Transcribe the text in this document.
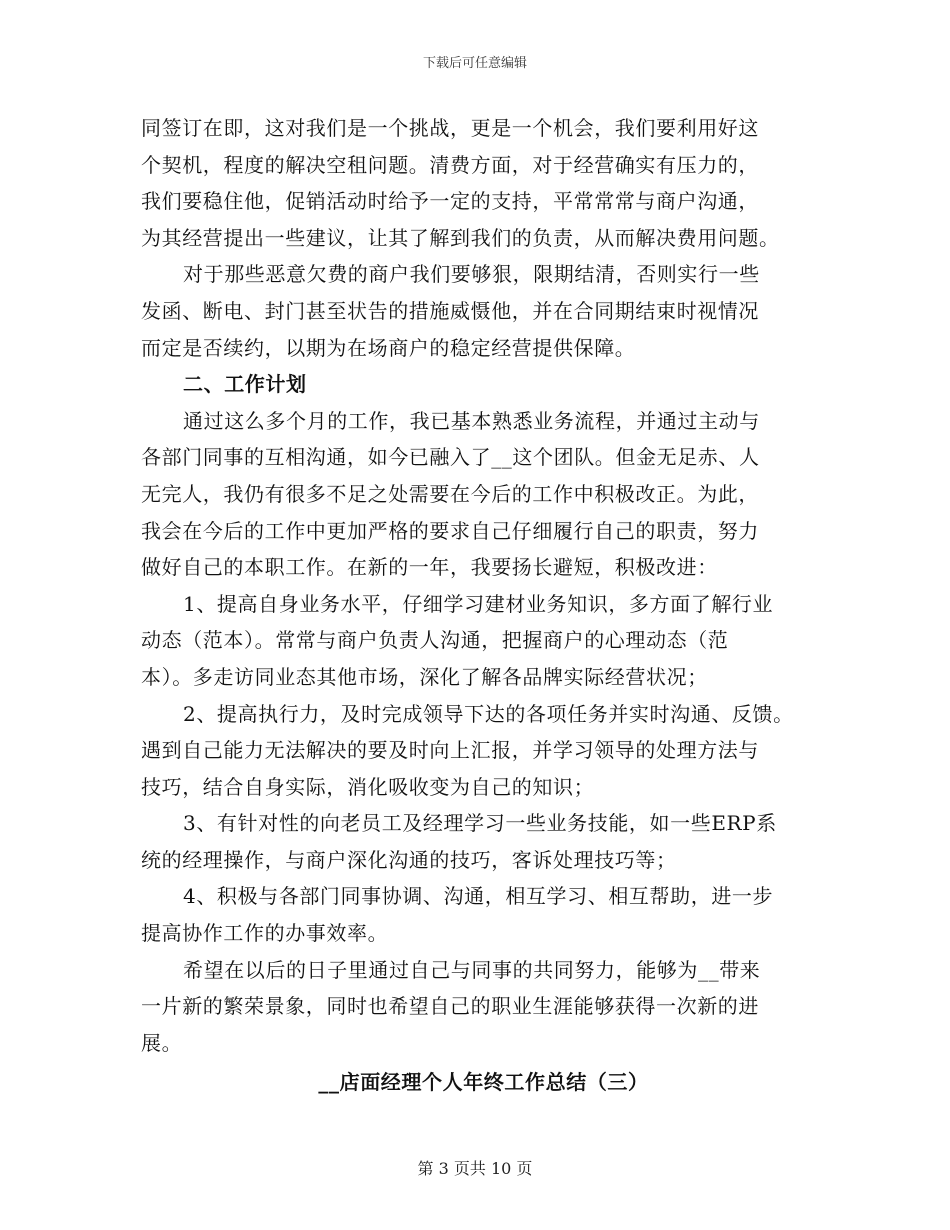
下载后可任意编辑
同签订在即，这对我们是一个挑战，更是一个机会，我们要利用好这
个契机，程度的解决空租问题。清费方面，对于经营确实有压力的，
我们要稳住他，促销活动时给予一定的支持，平常常常与商户沟通，
为其经营提出一些建议，让其了解到我们的负责，从而解决费用问题。
对于那些恶意欠费的商户我们要够狠，限期结清，否则实行一些
发函、断电、封门甚至状告的措施威慑他，并在合同期结束时视情况
而定是否续约，以期为在场商户的稳定经营提供保障。
二、工作计划
通过这么多个月的工作，我已基本熟悉业务流程，并通过主动与
各部门同事的互相沟通，如今已融入了__这个团队。但金无足赤、人
无完人，我仍有很多不足之处需要在今后的工作中积极改正。为此，
我会在今后的工作中更加严格的要求自己仔细履行自己的职责，努力
做好自己的本职工作。在新的一年，我要扬长避短，积极改进：
1、提高自身业务水平，仔细学习建材业务知识，多方面了解行业
动态（范本）。常常与商户负责人沟通，把握商户的心理动态（范
本）。多走访同业态其他市场，深化了解各品牌实际经营状况；
2、提高执行力，及时完成领导下达的各项任务并实时沟通、反馈。
遇到自己能力无法解决的要及时向上汇报，并学习领导的处理方法与
技巧，结合自身实际，消化吸收变为自己的知识；
3、有针对性的向老员工及经理学习一些业务技能，如一些ERP系
统的经理操作，与商户深化沟通的技巧，客诉处理技巧等；
4、积极与各部门同事协调、沟通，相互学习、相互帮助，进一步
提高协作工作的办事效率。
希望在以后的日子里通过自己与同事的共同努力，能够为__带来
一片新的繁荣景象，同时也希望自己的职业生涯能够获得一次新的进
展。
__店面经理个人年终工作总结（三）
第 3 页共 10 页
